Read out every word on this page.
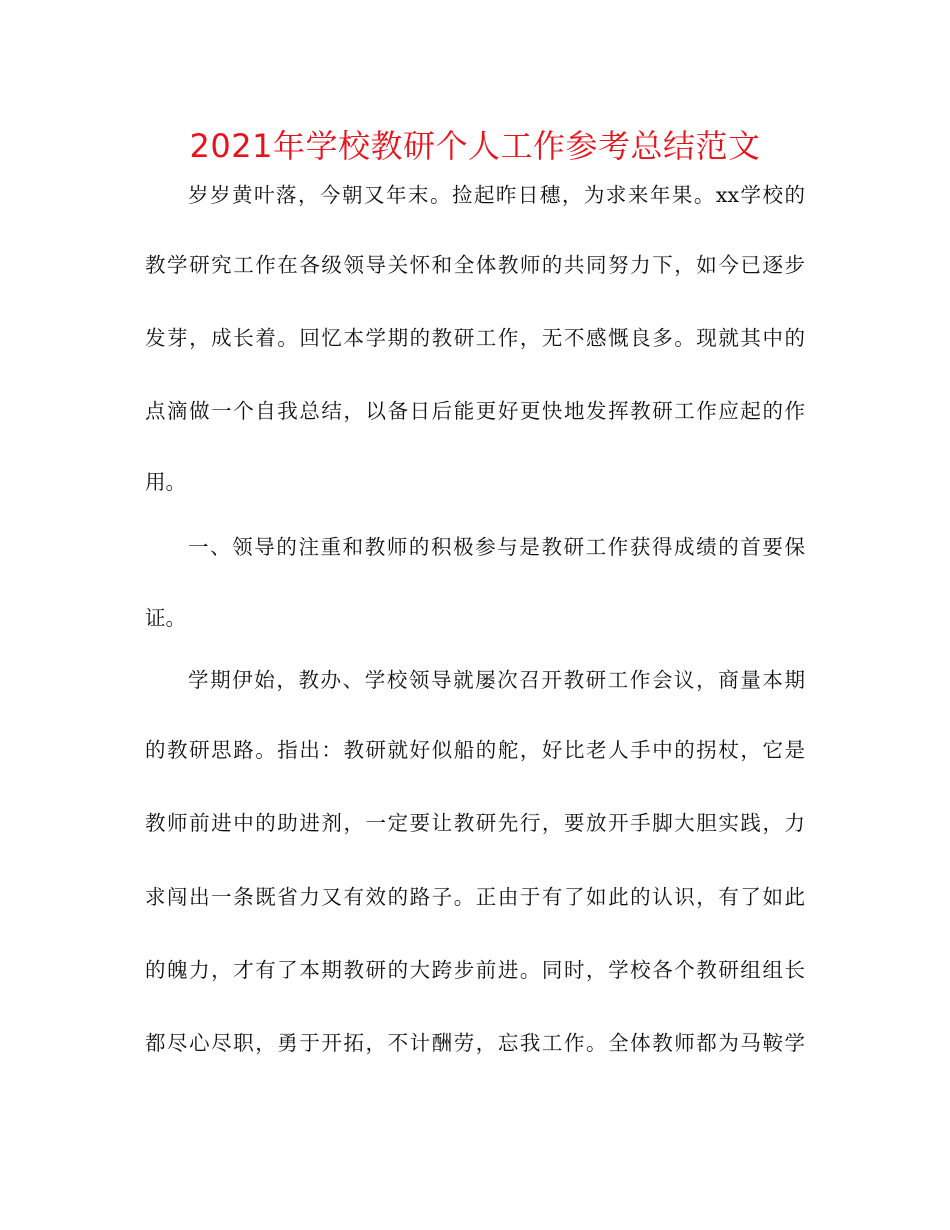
2021年学校教研个人工作参考总结范文
岁岁黄叶落，今朝又年末。捡起昨日穗，为求来年果。xx学校的
教学研究工作在各级领导关怀和全体教师的共同努力下，如今已逐步
发芽，成长着。回忆本学期的教研工作，无不感慨良多。现就其中的
点滴做一个自我总结，以备日后能更好更快地发挥教研工作应起的作
用。
一、领导的注重和教师的积极参与是教研工作获得成绩的首要保
证。
学期伊始，教办、学校领导就屡次召开教研工作会议，商量本期
的教研思路。指出：教研就好似船的舵，好比老人手中的拐杖，它是
教师前进中的助进剂，一定要让教研先行，要放开手脚大胆实践，力
求闯出一条既省力又有效的路子。正由于有了如此的认识，有了如此
的魄力，才有了本期教研的大跨步前进。同时，学校各个教研组组长
都尽心尽职，勇于开拓，不计酬劳，忘我工作。全体教师都为马鞍学
